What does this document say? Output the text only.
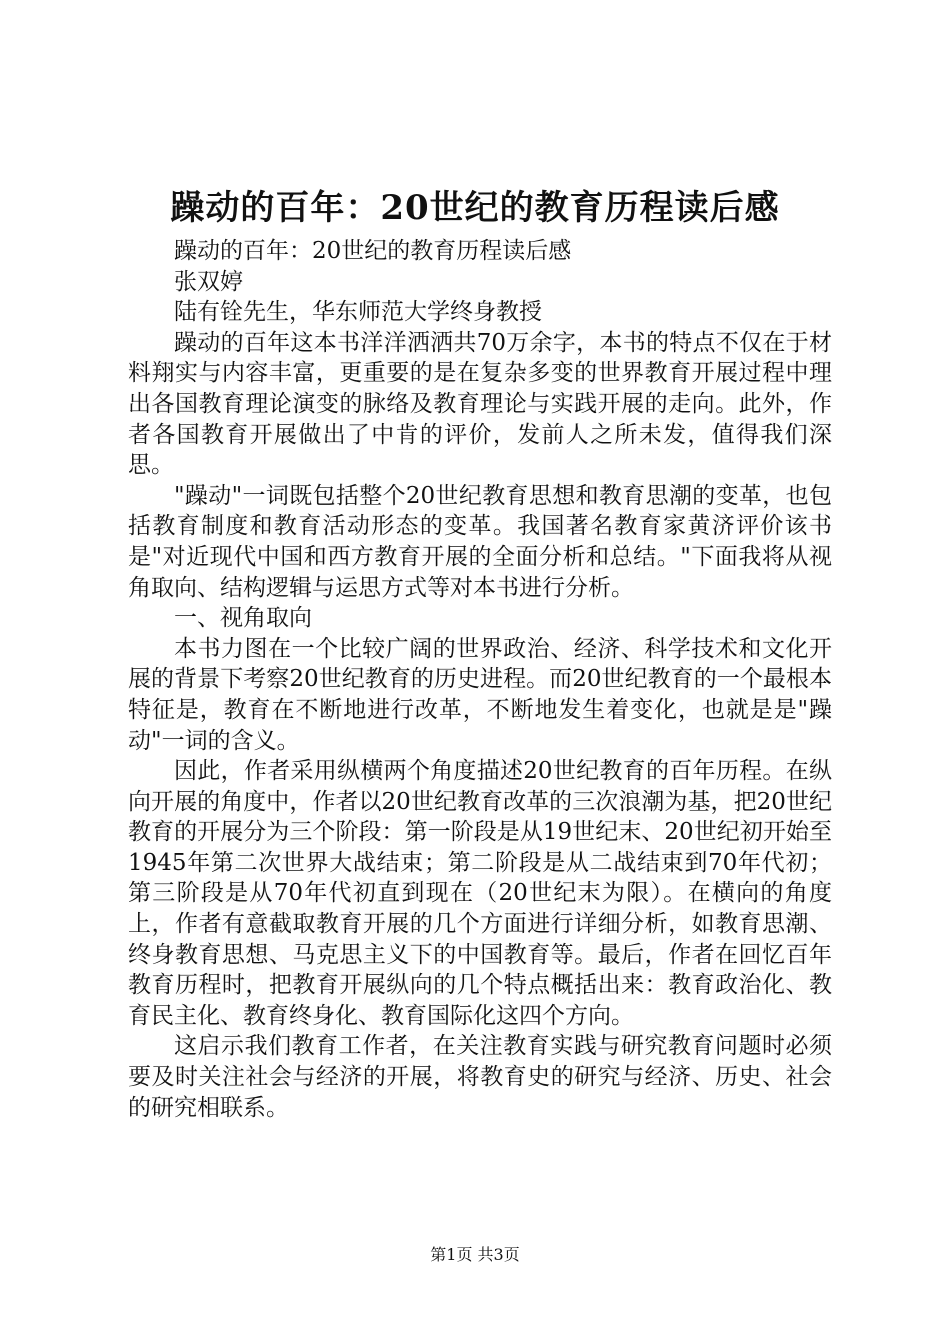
躁动的百年：20世纪的教育历程读后感

躁动的百年：20世纪的教育历程读后感

张双婷

陆有铨先生，华东师范大学终身教授

躁动的百年这本书洋洋洒洒共70万余字，本书的特点不仅在于材料翔实与内容丰富，更重要的是在复杂多变的世界教育开展过程中理出各国教育理论演变的脉络及教育理论与实践开展的走向。此外，作者各国教育开展做出了中肯的评价，发前人之所未发，值得我们深思。

"躁动"一词既包括整个20世纪教育思想和教育思潮的变革，也包括教育制度和教育活动形态的变革。我国著名教育家黄济评价该书是"对近现代中国和西方教育开展的全面分析和总结。"下面我将从视角取向、结构逻辑与运思方式等对本书进行分析。

一、视角取向

本书力图在一个比较广阔的世界政治、经济、科学技术和文化开展的背景下考察20世纪教育的历史进程。而20世纪教育的一个最根本特征是，教育在不断地进行改革，不断地发生着变化，也就是是"躁动"一词的含义。

因此，作者采用纵横两个角度描述20世纪教育的百年历程。在纵向开展的角度中，作者以20世纪教育改革的三次浪潮为基，把20世纪教育的开展分为三个阶段：第一阶段是从19世纪末、20世纪初开始至1945年第二次世界大战结束；第二阶段是从二战结束到70年代初；第三阶段是从70年代初直到现在（20世纪末为限）。在横向的角度上，作者有意截取教育开展的几个方面进行详细分析，如教育思潮、终身教育思想、马克思主义下的中国教育等。最后，作者在回忆百年教育历程时，把教育开展纵向的几个特点概括出来：教育政治化、教育民主化、教育终身化、教育国际化这四个方向。

这启示我们教育工作者，在关注教育实践与研究教育问题时必须要及时关注社会与经济的开展，将教育史的研究与经济、历史、社会的研究相联系。

第1页 共3页
